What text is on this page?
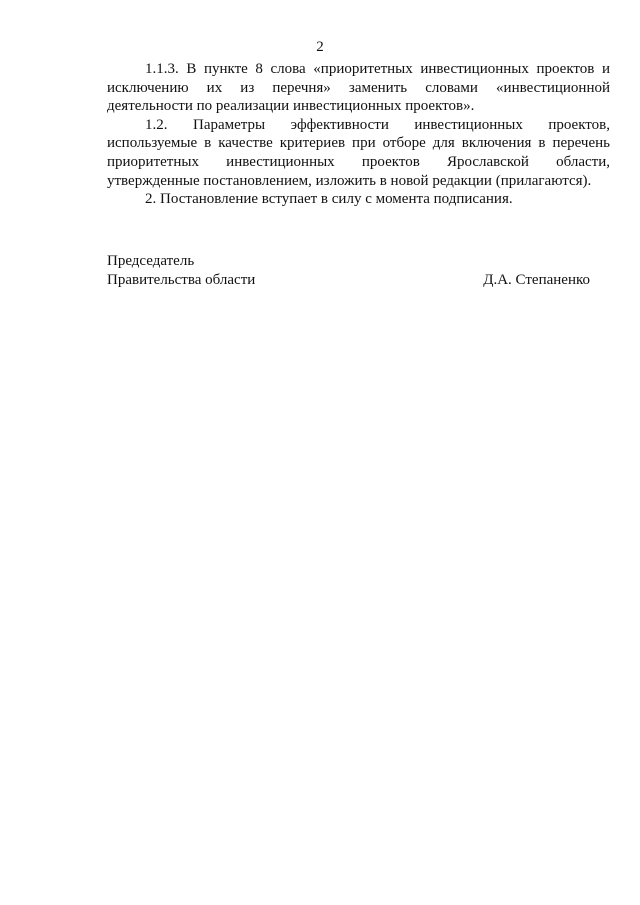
2

1.1.3. В пункте 8 слова «приоритетных инвестиционных проектов и исключению их из перечня» заменить словами «инвестиционной деятельности по реализации инвестиционных проектов».

1.2. Параметры эффективности инвестиционных проектов, используемые в качестве критериев при отборе для включения в перечень приоритетных инвестиционных проектов Ярославской области, утвержденные постановлением, изложить в новой редакции (прилагаются).

2. Постановление вступает в силу с момента подписания.

Председатель
Правительства области	Д.А. Степаненко
